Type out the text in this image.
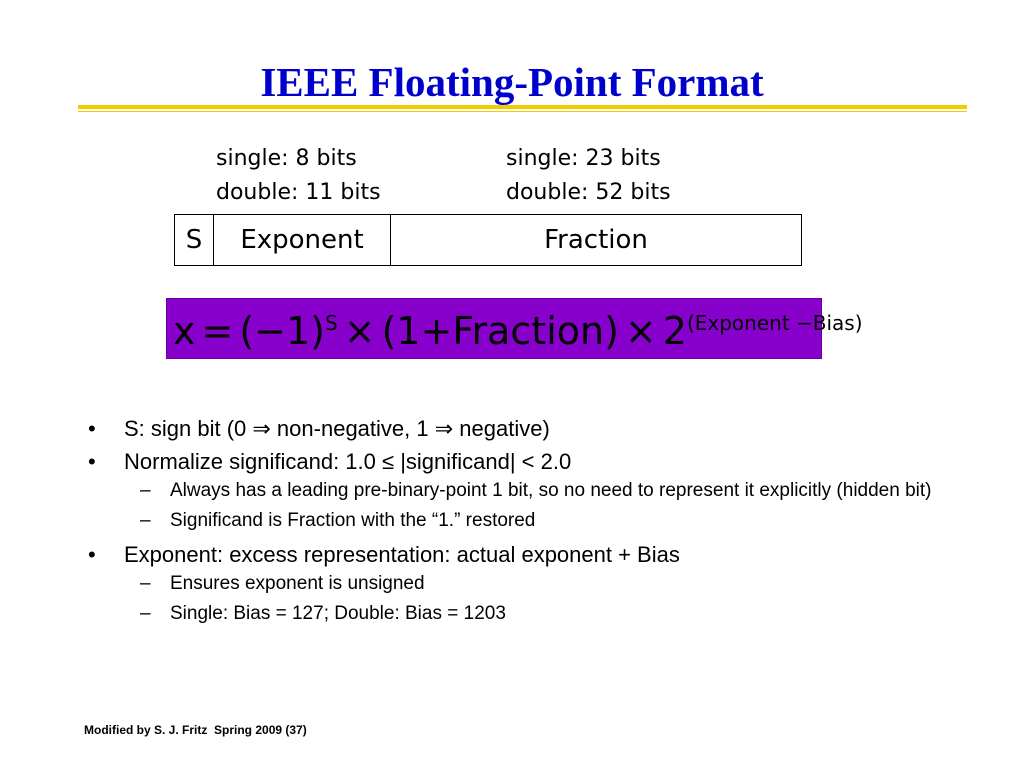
IEEE Floating-Point Format
single: 8 bits
double: 11 bits
single: 23 bits
double: 52 bits
S	Exponent	Fraction
$x = (-1)^S$ × (1+Fraction) × $2^{(Exponent -Bias)}$
• S: sign bit (0 ⇒ non-negative, 1 ⇒ negative)
• Normalize significand: 1.0 ≤ |significand| < 2.0
– Always has a leading pre-binary-point 1 bit, so no need to represent it explicitly (hidden bit)
– Significand is Fraction with the “1.” restored
• Exponent: excess representation: actual exponent + Bias
– Ensures exponent is unsigned
– Single: Bias = 127; Double: Bias = 1203
Modified by S. J. Fritz  Spring 2009 (37)
